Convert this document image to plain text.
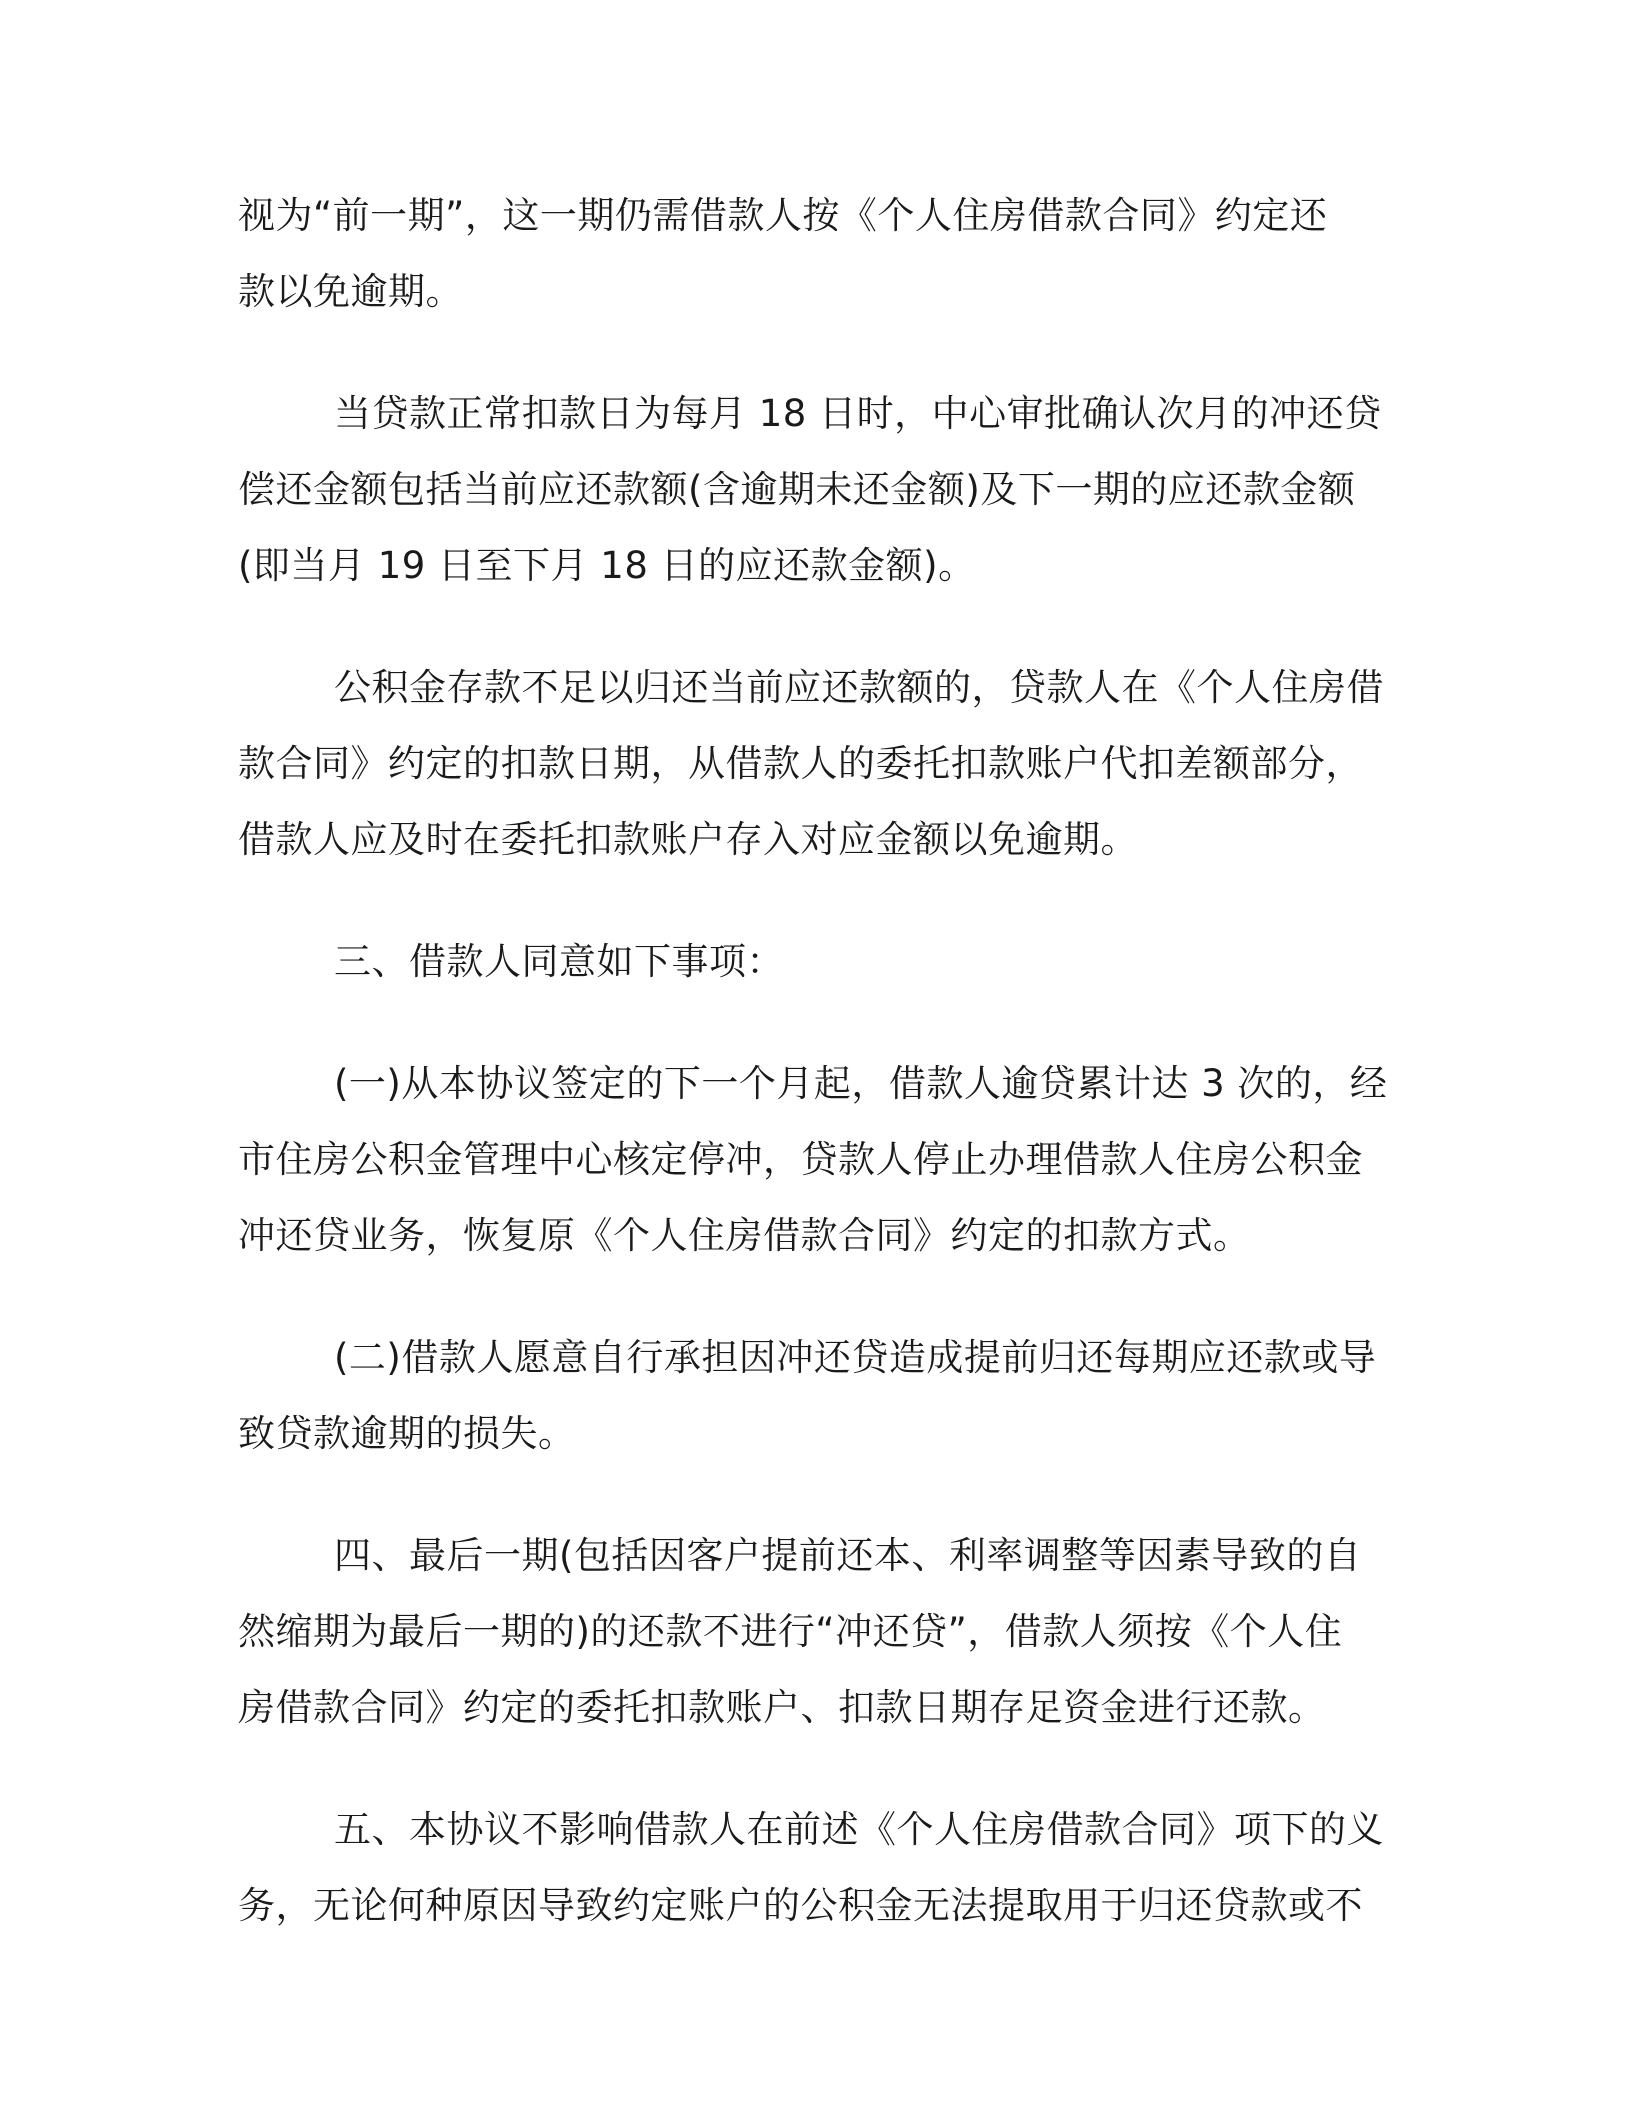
视为“前一期”，这一期仍需借款人按《个人住房借款合同》约定还
款以免逾期。

当贷款正常扣款日为每月 18 日时，中心审批确认次月的冲还贷
偿还金额包括当前应还款额(含逾期未还金额)及下一期的应还款金额
(即当月 19 日至下月 18 日的应还款金额)。

公积金存款不足以归还当前应还款额的，贷款人在《个人住房借
款合同》约定的扣款日期，从借款人的委托扣款账户代扣差额部分，
借款人应及时在委托扣款账户存入对应金额以免逾期。

三、借款人同意如下事项：

(一)从本协议签定的下一个月起，借款人逾贷累计达 3 次的，经
市住房公积金管理中心核定停冲，贷款人停止办理借款人住房公积金
冲还贷业务，恢复原《个人住房借款合同》约定的扣款方式。

(二)借款人愿意自行承担因冲还贷造成提前归还每期应还款或导
致贷款逾期的损失。

四、最后一期(包括因客户提前还本、利率调整等因素导致的自
然缩期为最后一期的)的还款不进行“冲还贷”，借款人须按《个人住
房借款合同》约定的委托扣款账户、扣款日期存足资金进行还款。

五、本协议不影响借款人在前述《个人住房借款合同》项下的义
务，无论何种原因导致约定账户的公积金无法提取用于归还贷款或不
